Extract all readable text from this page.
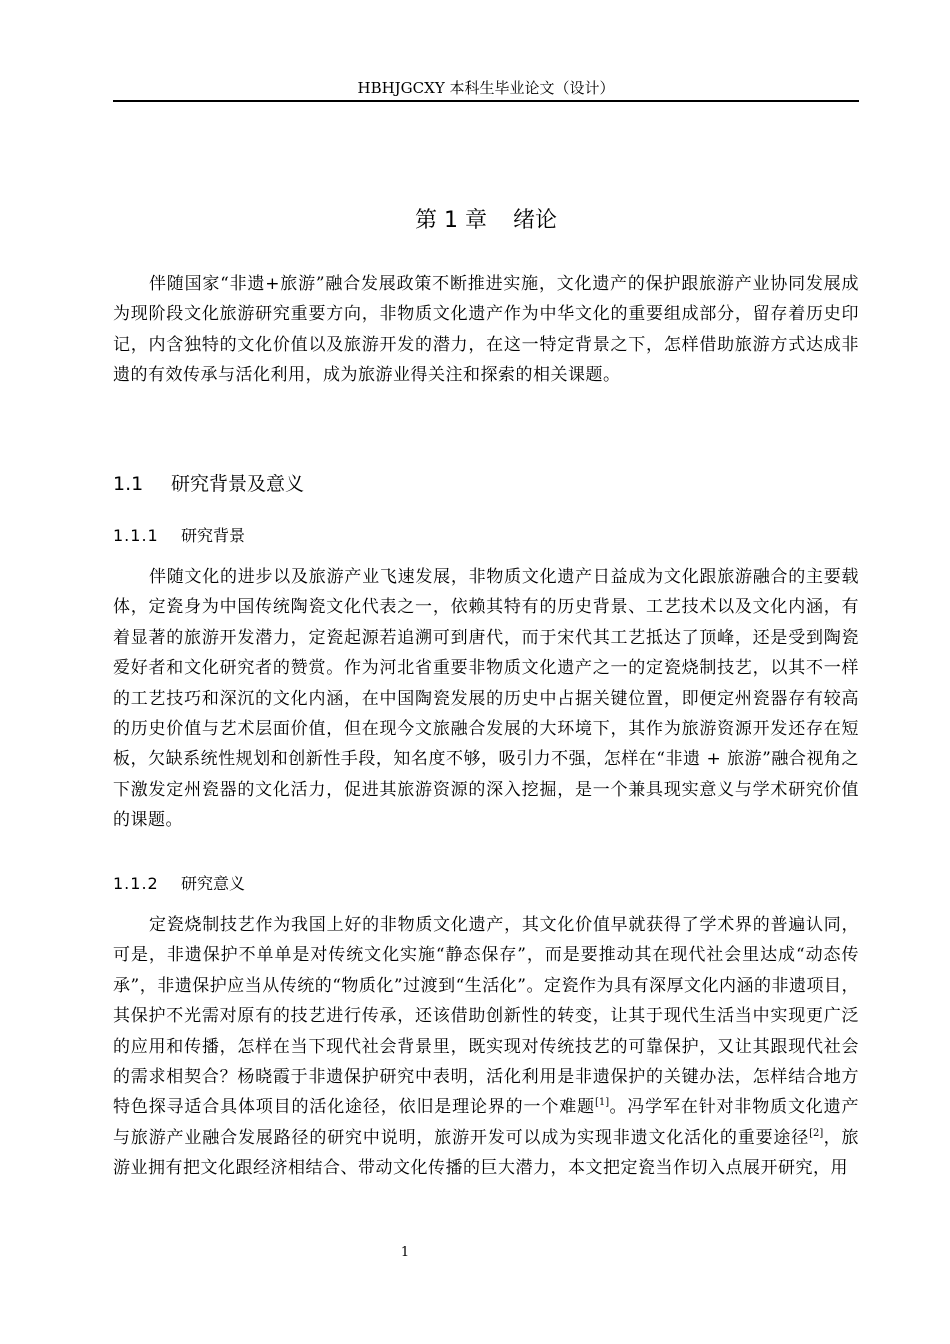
HBHJGCXY 本科生毕业论文（设计）
第 1 章 绪论

伴随国家“非遗+旅游”融合发展政策不断推进实施，文化遗产的保护跟旅游产业协同发展成为现阶段文化旅游研究重要方向，非物质文化遗产作为中华文化的重要组成部分，留存着历史印记，内含独特的文化价值以及旅游开发的潜力，在这一特定背景之下，怎样借助旅游方式达成非遗的有效传承与活化利用，成为旅游业得关注和探索的相关课题。

1.1 研究背景及意义
1.1.1 研究背景

伴随文化的进步以及旅游产业飞速发展，非物质文化遗产日益成为文化跟旅游融合的主要载体，定瓷身为中国传统陶瓷文化代表之一，依赖其特有的历史背景、工艺技术以及文化内涵，有着显著的旅游开发潜力，定瓷起源若追溯可到唐代，而于宋代其工艺抵达了顶峰，还是受到陶瓷爱好者和文化研究者的赞赏。作为河北省重要非物质文化遗产之一的定瓷烧制技艺，以其不一样的工艺技巧和深沉的文化内涵，在中国陶瓷发展的历史中占据关键位置，即便定州瓷器存有较高的历史价值与艺术层面价值，但在现今文旅融合发展的大环境下，其作为旅游资源开发还存在短板，欠缺系统性规划和创新性手段，知名度不够，吸引力不强，怎样在“非遗 + 旅游”融合视角之下激发定州瓷器的文化活力，促进其旅游资源的深入挖掘，是一个兼具现实意义与学术研究价值的课题。

1.1.2 研究意义

定瓷烧制技艺作为我国上好的非物质文化遗产，其文化价值早就获得了学术界的普遍认同，可是，非遗保护不单单是对传统文化实施“静态保存”，而是要推动其在现代社会里达成“动态传承”，非遗保护应当从传统的“物质化”过渡到“生活化”。定瓷作为具有深厚文化内涵的非遗项目，其保护不光需对原有的技艺进行传承，还该借助创新性的转变，让其于现代生活当中实现更广泛的应用和传播，怎样在当下现代社会背景里，既实现对传统技艺的可靠保护，又让其跟现代社会的需求相契合？杨晓霞于非遗保护研究中表明，活化利用是非遗保护的关键办法，怎样结合地方特色探寻适合具体项目的活化途径，依旧是理论界的一个难题[1]。冯学军在针对非物质文化遗产与旅游产业融合发展路径的研究中说明，旅游开发可以成为实现非遗文化活化的重要途径[2]，旅游业拥有把文化跟经济相结合、带动文化传播的巨大潜力，本文把定瓷当作切入点展开研究，用

1
